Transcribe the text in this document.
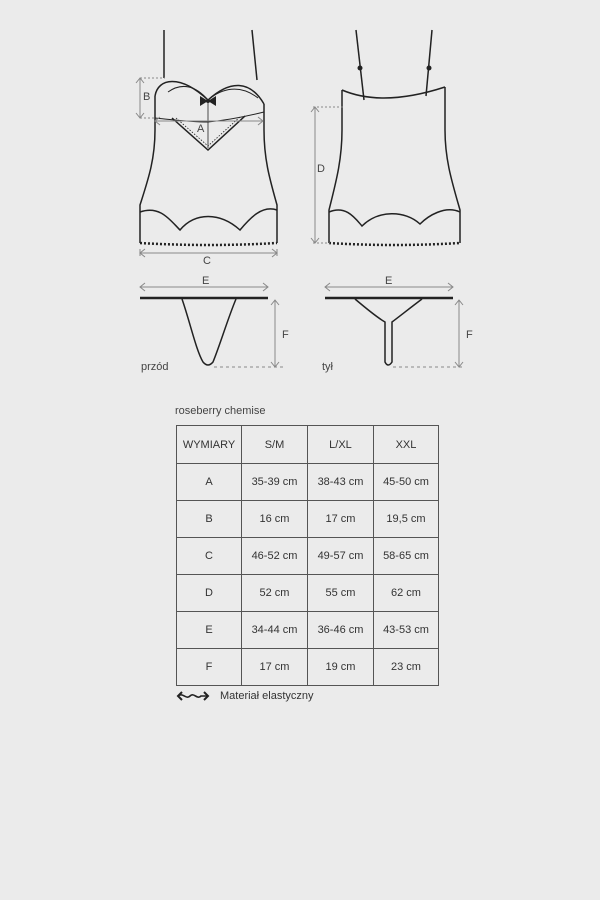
A
B
C
D
E
F
przód
E
F
tył
roseberry chemise
WYMIARY	S/M	L/XL	XXL
A	35-39 cm	38-43 cm	45-50 cm
B	16 cm	17 cm	19,5 cm
C	46-52 cm	49-57 cm	58-65 cm
D	52 cm	55 cm	62 cm
E	34-44 cm	36-46 cm	43-53 cm
F	17 cm	19 cm	23 cm
Materiał elastyczny
